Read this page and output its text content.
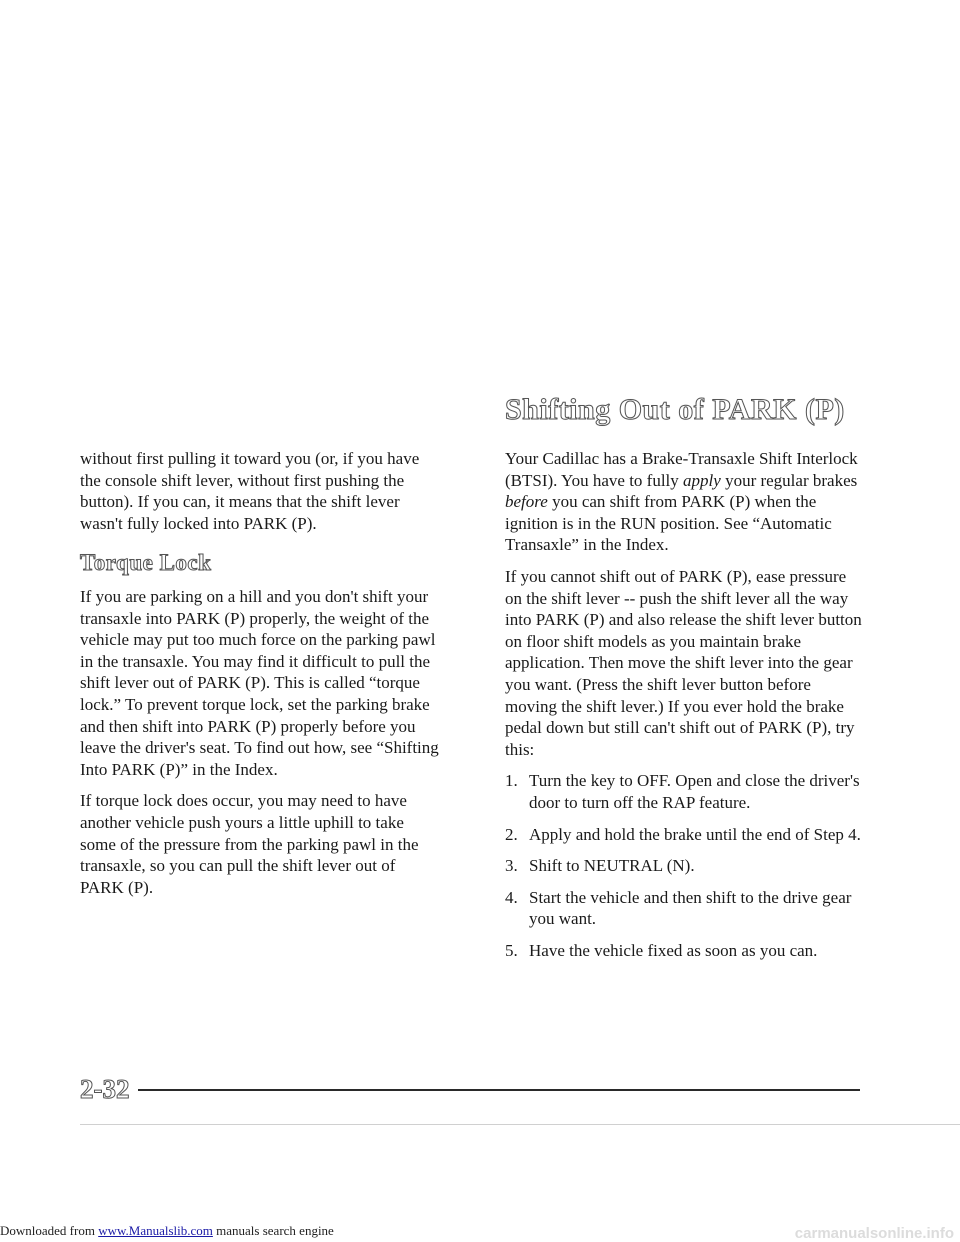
without first pulling it toward you (or, if you have the console shift lever, without first pushing the button). If you can, it means that the shift lever wasn't fully locked into PARK (P).

Torque Lock

If you are parking on a hill and you don't shift your transaxle into PARK (P) properly, the weight of the vehicle may put too much force on the parking pawl in the transaxle. You may find it difficult to pull the shift lever out of PARK (P). This is called “torque lock.” To prevent torque lock, set the parking brake and then shift into PARK (P) properly before you leave the driver's seat. To find out how, see “Shifting Into PARK (P)” in the Index.

If torque lock does occur, you may need to have another vehicle push yours a little uphill to take some of the pressure from the parking pawl in the transaxle, so you can pull the shift lever out of PARK (P).

Shifting Out of PARK (P)

Your Cadillac has a Brake-Transaxle Shift Interlock (BTSI). You have to fully apply your regular brakes before you can shift from PARK (P) when the ignition is in the RUN position. See “Automatic Transaxle” in the Index.

If you cannot shift out of PARK (P), ease pressure on the shift lever -- push the shift lever all the way into PARK (P) and also release the shift lever button on floor shift models as you maintain brake application. Then move the shift lever into the gear you want. (Press the shift lever button before moving the shift lever.) If you ever hold the brake pedal down but still can't shift out of PARK (P), try this:

1. Turn the key to OFF. Open and close the driver's door to turn off the RAP feature.
2. Apply and hold the brake until the end of Step 4.
3. Shift to NEUTRAL (N).
4. Start the vehicle and then shift to the drive gear you want.
5. Have the vehicle fixed as soon as you can.
2-32
Downloaded from www.Manualslib.com manuals search engine	carmanualsonline.info
